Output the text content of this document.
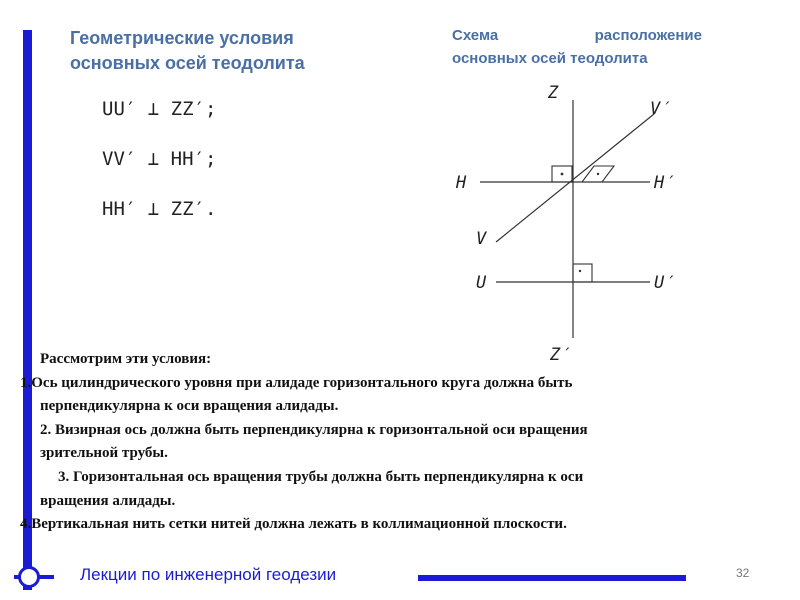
Геометрические условия
основных осей теодолита
Схема	расположение
основных осей теодолита
UU′ ⊥ ZZ′;
VV′ ⊥ HH′;
HH′ ⊥ ZZ′.
Z
Z′
V′
V
H	H′
U	U′
Рассмотрим эти условия:
1.Ось цилиндрического уровня при алидаде горизонтального круга должна быть
перпендикулярна к оси вращения алидады.
2. Визирная ось должна быть перпендикулярна к горизонтальной оси вращения
зрительной трубы.
3. Горизонтальная ось вращения трубы должна быть перпендикулярна к оси
вращения алидады.
4.Вертикальная нить сетки нитей должна лежать в коллимационной плоскости.
Лекции по инженерной геодезии	32
